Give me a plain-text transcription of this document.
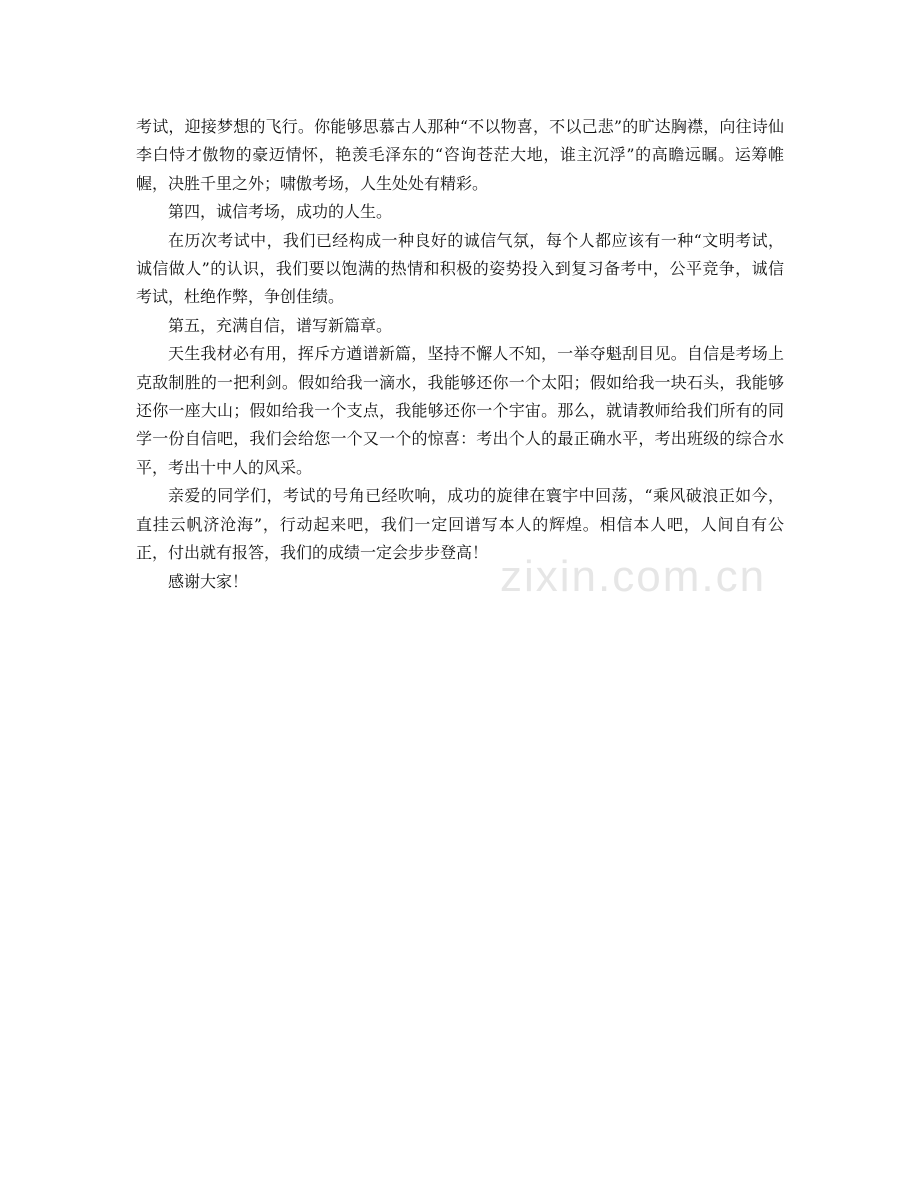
zixin.com.cn

考试，迎接梦想的飞行。你能够思慕古人那种“不以物喜，不以己悲”的旷达胸襟，向往诗仙李白恃才傲物的豪迈情怀，艳羡毛泽东的“咨询苍茫大地，谁主沉浮”的高瞻远瞩。运筹帷幄，决胜千里之外；啸傲考场，人生处处有精彩。

第四，诚信考场，成功的人生。

在历次考试中，我们已经构成一种良好的诚信气氛，每个人都应该有一种“文明考试，诚信做人”的认识，我们要以饱满的热情和积极的姿势投入到复习备考中，公平竞争，诚信考试，杜绝作弊，争创佳绩。

第五，充满自信，谱写新篇章。

天生我材必有用，挥斥方遒谱新篇，坚持不懈人不知，一举夺魁刮目见。自信是考场上克敌制胜的一把利剑。假如给我一滴水，我能够还你一个太阳；假如给我一块石头，我能够还你一座大山；假如给我一个支点，我能够还你一个宇宙。那么，就请教师给我们所有的同学一份自信吧，我们会给您一个又一个的惊喜：考出个人的最正确水平，考出班级的综合水平，考出十中人的风采。

亲爱的同学们，考试的号角已经吹响，成功的旋律在寰宇中回荡，“乘风破浪正如今，直挂云帆济沧海”，行动起来吧，我们一定回谱写本人的辉煌。相信本人吧，人间自有公正，付出就有报答，我们的成绩一定会步步登高！

感谢大家！
